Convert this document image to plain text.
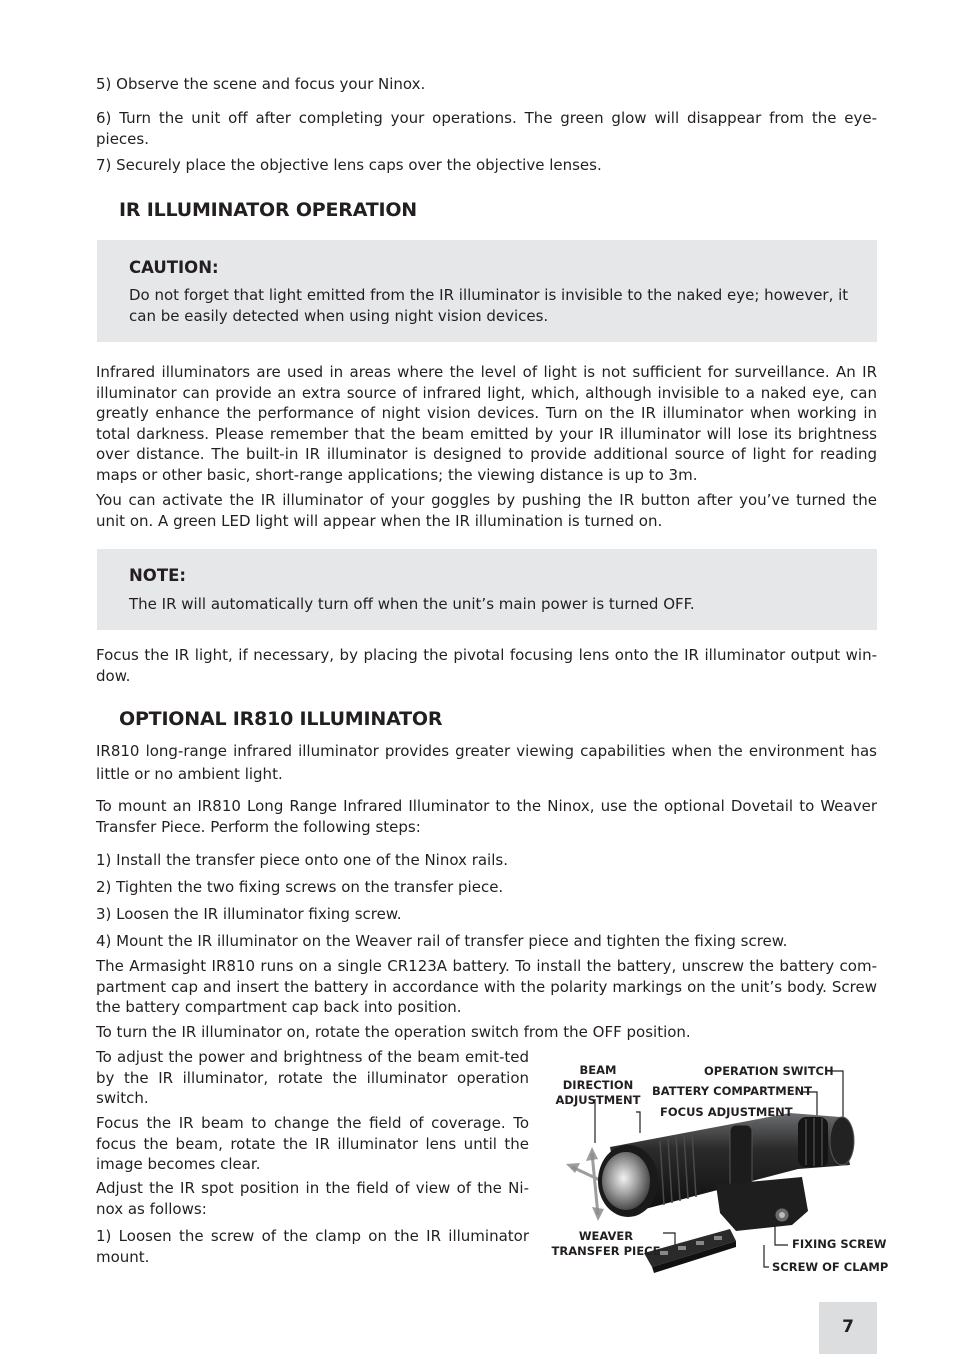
5) Observe the scene and focus your Ninox.

6) Turn the unit off after completing your operations. The green glow will disappear from the eye-pieces.

7) Securely place the objective lens caps over the objective lenses.

IR ILLUMINATOR OPERATION

CAUTION:

Do not forget that light emitted from the IR illuminator is invisible to the naked eye; however, it can be easily detected when using night vision devices.

Infrared illuminators are used in areas where the level of light is not sufficient for surveillance. An IR illuminator can provide an extra source of infrared light, which, although invisible to a naked eye, can greatly enhance the performance of night vision devices. Turn on the IR illuminator when working in total darkness. Please remember that the beam emitted by your IR illuminator will lose its brightness over distance. The built-in IR illuminator is designed to provide additional source of light for reading maps or other basic, short-range applications; the viewing distance is up to 3m.

You can activate the IR illuminator of your goggles by pushing the IR button after you’ve turned the unit on. A green LED light will appear when the IR illumination is turned on.

NOTE:

The IR will automatically turn off when the unit’s main power is turned OFF.

Focus the IR light, if necessary, by placing the pivotal focusing lens onto the IR illuminator output win-dow.

OPTIONAL IR810 ILLUMINATOR

IR810 long-range infrared illuminator provides greater viewing capabilities when the environment has little or no ambient light.

To mount an IR810 Long Range Infrared Illuminator to the Ninox, use the optional Dovetail to Weaver Transfer Piece. Perform the following steps:

1) Install the transfer piece onto one of the Ninox rails.

2) Tighten the two fixing screws on the transfer piece.

3) Loosen the IR illuminator fixing screw.

4) Mount the IR illuminator on the Weaver rail of transfer piece and tighten the fixing screw.

The Armasight IR810 runs on a single CR123A battery. To install the battery, unscrew the battery com-partment cap and insert the battery in accordance with the polarity markings on the unit’s body. Screw the battery compartment cap back into position.

To turn the IR illuminator on, rotate the operation switch from the OFF position.

To adjust the power and brightness of the beam emit-ted by the IR illuminator, rotate the illuminator operation switch.

Focus the IR beam to change the field of coverage. To focus the beam, rotate the IR illuminator lens until the image becomes clear.

Adjust the IR spot position in the field of view of the Ni-nox as follows:

1) Loosen the screw of the clamp on the IR illuminator mount.

BEAM DIRECTION ADJUSTMENT
OPERATION SWITCH
BATTERY COMPARTMENT
FOCUS ADJUSTMENT
WEAVER TRANSFER PIECE	FIXING SCREW
SCREW OF CLAMP
7
